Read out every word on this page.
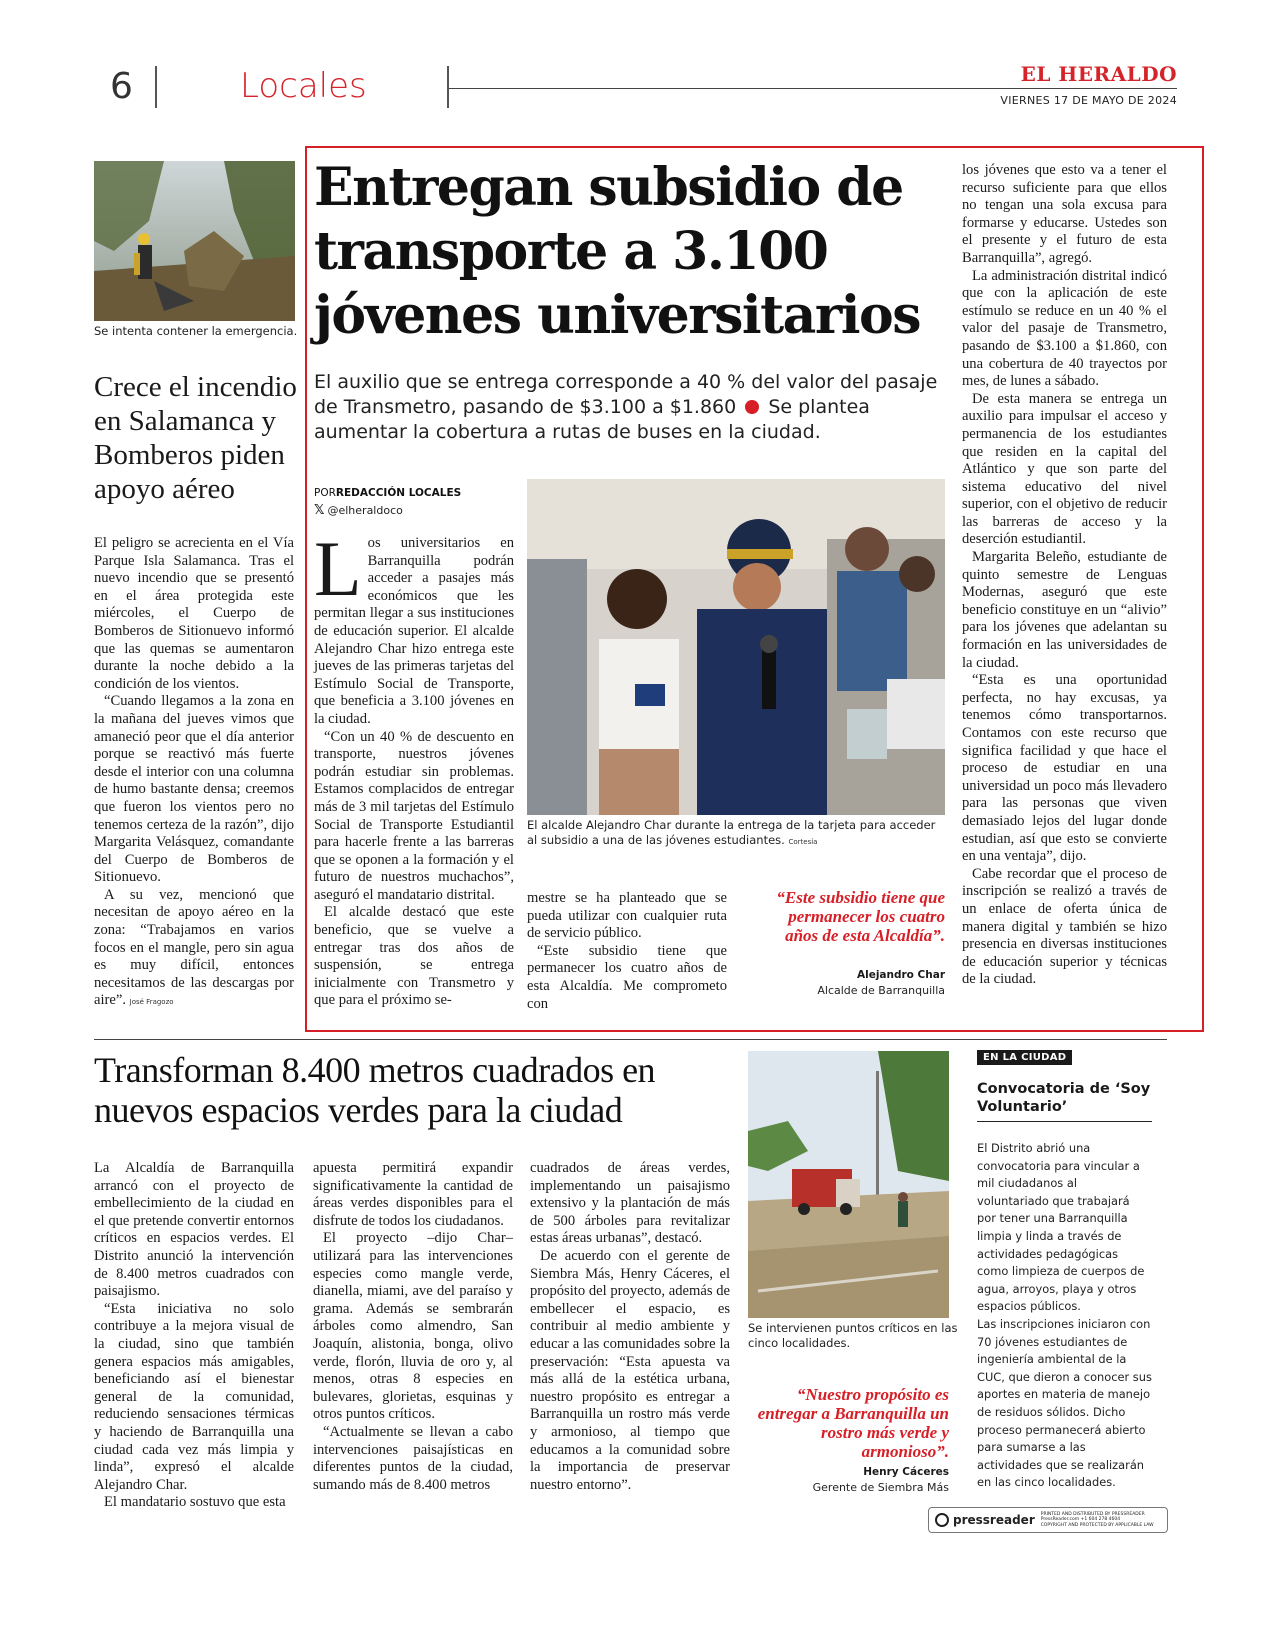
6	Locales	EL HERALDO
VIERNES 17 DE MAYO DE 2024
Se intenta contener la emergencia.
Crece el incendio en Salamanca y Bomberos piden apoyo aéreo

El peligro se acrecienta en el Vía Parque Isla Salamanca. Tras el nuevo incendio que se presentó en el área protegida este miércoles, el Cuerpo de Bomberos de Sitionuevo informó que las quemas se aumentaron durante la noche debido a la condición de los vientos.

“Cuando llegamos a la zona en la mañana del jueves vimos que amaneció peor que el día anterior porque se reactivó más fuerte desde el interior con una columna de humo bastante densa; creemos que fueron los vientos pero no tenemos certeza de la razón”, dijo Margarita Velásquez, comandante del Cuerpo de Bomberos de Sitionuevo.

A su vez, mencionó que necesitan de apoyo aéreo en la zona: “Trabajamos en varios focos en el mangle, pero sin agua es muy difícil, entonces necesitamos de las descargas por aire”. José Fragozo

Entregan subsidio de transporte a 3.100 jóvenes universitarios
El auxilio que se entrega corresponde a 40 % del valor del pasaje de Transmetro, pasando de $3.100 a $1.860 Se plantea aumentar la cobertura a rutas de buses en la ciudad.
PORREDACCIÓN LOCALES
𝕏 @elheraldoco

Los universitarios en Barranquilla podrán acceder a pasajes más económicos que les permitan llegar a sus instituciones de educación superior. El alcalde Alejandro Char hizo entrega este jueves de las primeras tarjetas del Estímulo Social de Transporte, que beneficia a 3.100 jóvenes en la ciudad.

“Con un 40 % de descuento en transporte, nuestros jóvenes podrán estudiar sin problemas. Estamos complacidos de entregar más de 3 mil tarjetas del Estímulo Social de Transporte Estudiantil para hacerle frente a las barreras que se oponen a la formación y el futuro de nuestros muchachos”, aseguró el mandatario distrital.

El alcalde destacó que este beneficio, que se vuelve a entregar tras dos años de suspensión, se entrega inicialmente con Transmetro y que para el próximo se-

El alcalde Alejandro Char durante la entrega de la tarjeta para acceder al subsidio a una de las jóvenes estudiantes. Cortesía

mestre se ha planteado que se pueda utilizar con cualquier ruta de servicio público.

“Este subsidio tiene que permanecer los cuatro años de esta Alcaldía. Me comprometo con

“Este subsidio tiene que permanecer los cuatro años de esta Alcaldía”.
Alejandro Char
Alcalde de Barranquilla

los jóvenes que esto va a tener el recurso suficiente para que ellos no tengan una sola excusa para formarse y educarse. Ustedes son el presente y el futuro de esta Barranquilla”, agregó.

La administración distrital indicó que con la aplicación de este estímulo se reduce en un 40 % el valor del pasaje de Transmetro, pasando de $3.100 a $1.860, con una cobertura de 40 trayectos por mes, de lunes a sábado.

De esta manera se entrega un auxilio para impulsar el acceso y permanencia de los estudiantes que residen en la capital del Atlántico y que son parte del sistema educativo del nivel superior, con el objetivo de reducir las barreras de acceso y la deserción estudiantil.

Margarita Beleño, estudiante de quinto semestre de Lenguas Modernas, aseguró que este beneficio constituye en un “alivio” para los jóvenes que adelantan su formación en las universidades de la ciudad.

“Esta es una oportunidad perfecta, no hay excusas, ya tenemos cómo transportarnos. Contamos con este recurso que significa facilidad y que hace el proceso de estudiar en una universidad un poco más llevadero para las personas que viven demasiado lejos del lugar donde estudian, así que esto se convierte en una ventaja”, dijo.

Cabe recordar que el proceso de inscripción se realizó a través de un enlace de oferta única de manera digital y también se hizo presencia en diversas instituciones de educación superior y técnicas de la ciudad.

Transforman 8.400 metros cuadrados en nuevos espacios verdes para la ciudad

La Alcaldía de Barranquilla arrancó con el proyecto de embellecimiento de la ciudad en el que pretende convertir entornos críticos en espacios verdes. El Distrito anunció la intervención de 8.400 metros cuadrados con paisajismo.

“Esta iniciativa no solo contribuye a la mejora visual de la ciudad, sino que también genera espacios más amigables, beneficiando así el bienestar general de la comunidad, reduciendo sensaciones térmicas y haciendo de Barranquilla una ciudad cada vez más limpia y linda”, expresó el alcalde Alejandro Char.

El mandatario sostuvo que esta

apuesta permitirá expandir significativamente la cantidad de áreas verdes disponibles para el disfrute de todos los ciudadanos.

El proyecto –dijo Char– utilizará para las intervenciones especies como mangle verde, dianella, miami, ave del paraíso y grama. Además se sembrarán árboles como almendro, San Joaquín, alistonia, bonga, olivo verde, florón, lluvia de oro y, al menos, otras 8 especies en bulevares, glorietas, esquinas y otros puntos críticos.

“Actualmente se llevan a cabo intervenciones paisajísticas en diferentes puntos de la ciudad, sumando más de 8.400 metros

cuadrados de áreas verdes, implementando un paisajismo extensivo y la plantación de más de 500 árboles para revitalizar estas áreas urbanas”, destacó.

De acuerdo con el gerente de Siembra Más, Henry Cáceres, el propósito del proyecto, además de embellecer el espacio, es contribuir al medio ambiente y educar a las comunidades sobre la preservación: “Esta apuesta va más allá de la estética urbana, nuestro propósito es entregar a Barranquilla un rostro más verde y armonioso, al tiempo que educamos a la comunidad sobre la importancia de preservar nuestro entorno”.

Se intervienen puntos críticos en las cinco localidades.
“Nuestro propósito es entregar a Barranquilla un rostro más verde y armonioso”.
Henry Cáceres
Gerente de Siembra Más
EN LA CIUDAD
Convocatoria de ‘Soy Voluntario’

El Distrito abrió una convocatoria para vincular a mil ciudadanos al voluntariado que trabajará por tener una Barranquilla limpia y linda a través de actividades pedagógicas como limpieza de cuerpos de agua, arroyos, playa y otros espacios públicos.

Las inscripciones iniciaron con 70 jóvenes estudiantes de ingeniería ambiental de la CUC, que dieron a conocer sus aportes en materia de manejo de residuos sólidos. Dicho proceso permanecerá abierto para sumarse a las actividades que se realizarán en las cinco localidades.

pressreader PRINTED AND DISTRIBUTED BY PRESSREADER
PressReader.com +1 604 278 4604
COPYRIGHT AND PROTECTED BY APPLICABLE LAW
